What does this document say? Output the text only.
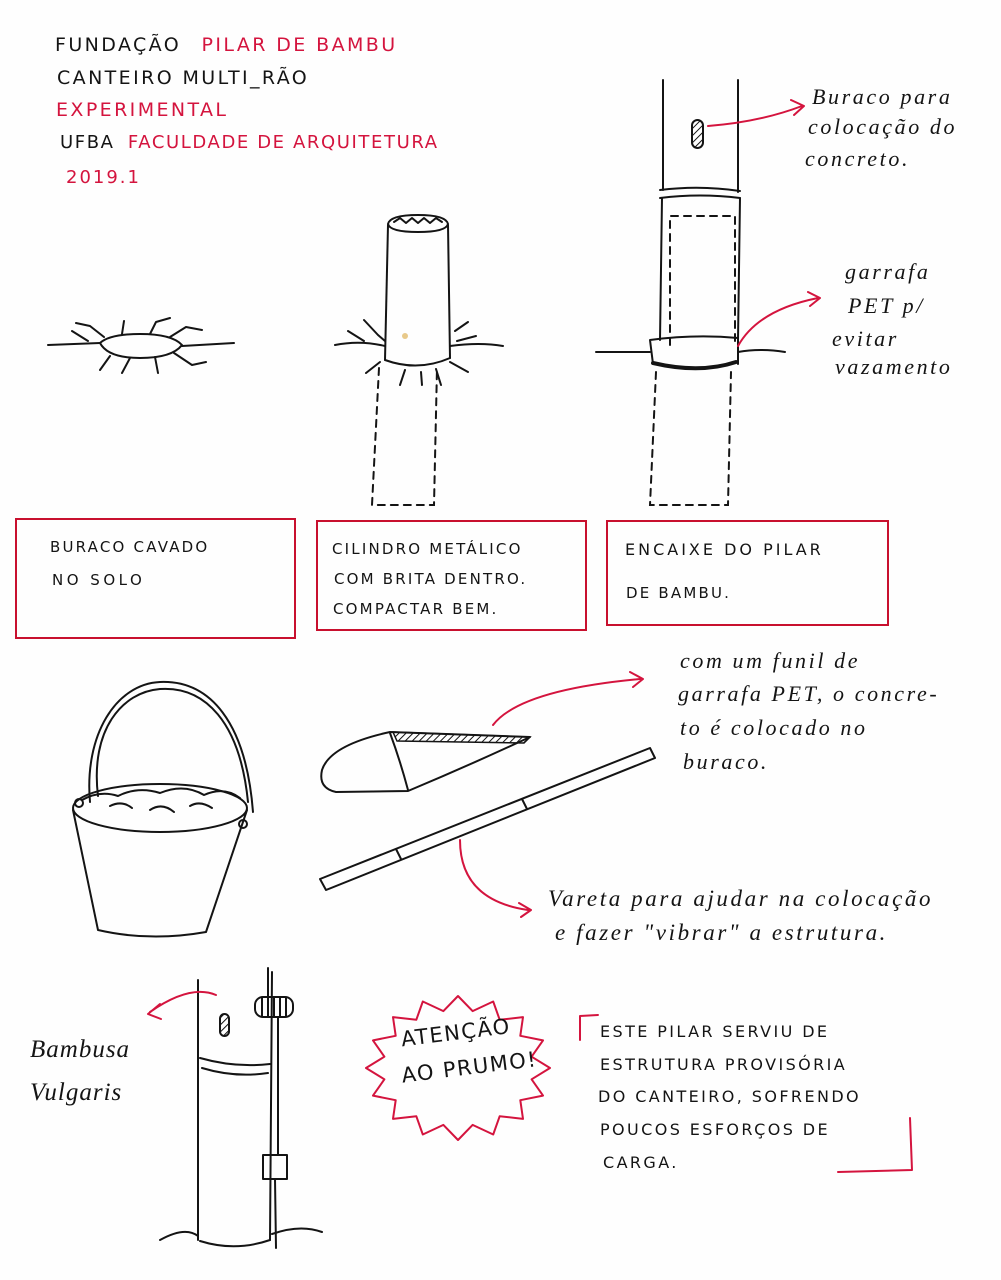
FUNDAÇÃO PILAR DE BAMBU
CANTEIRO MULTI_RÃO
EXPERIMENTAL
UFBA FACULDADE DE ARQUITETURA
2019.1
BURACO CAVADO
NO SOLO
CILINDRO METÁLICO
COM BRITA DENTRO.
COMPACTAR BEM.
ENCAIXE DO PILAR
DE BAMBU.
Buraco para
colocação do
concreto.
garrafa
PET p/
evitar
vazamento
com um funil de
garrafa PET, o concre-
to é colocado no
buraco.
Vareta para ajudar na colocação
e fazer "vibrar" a estrutura.
Bambusa
Vulgaris
ATENÇÃO
AO PRUMO!
ESTE PILAR SERVIU DE
ESTRUTURA PROVISÓRIA
DO CANTEIRO, SOFRENDO
POUCOS ESFORÇOS DE
CARGA.
